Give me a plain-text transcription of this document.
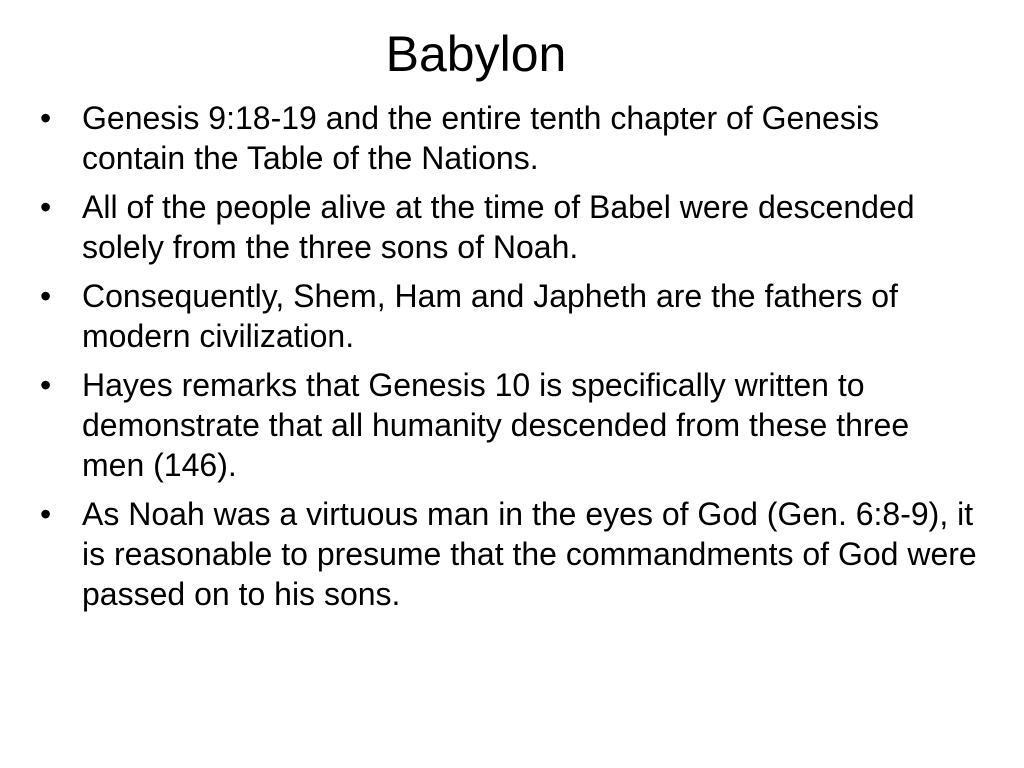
Babylon
• Genesis 9:18-19 and the entire tenth chapter of Genesis contain the Table of the Nations.
• All of the people alive at the time of Babel were descended solely from the three sons of Noah.
• Consequently, Shem, Ham and Japheth are the fathers of modern civilization.
• Hayes remarks that Genesis 10 is specifically written to demonstrate that all humanity descended from these three men (146).
• As Noah was a virtuous man in the eyes of God (Gen. 6:8-9), it is reasonable to presume that the commandments of God were passed on to his sons.
